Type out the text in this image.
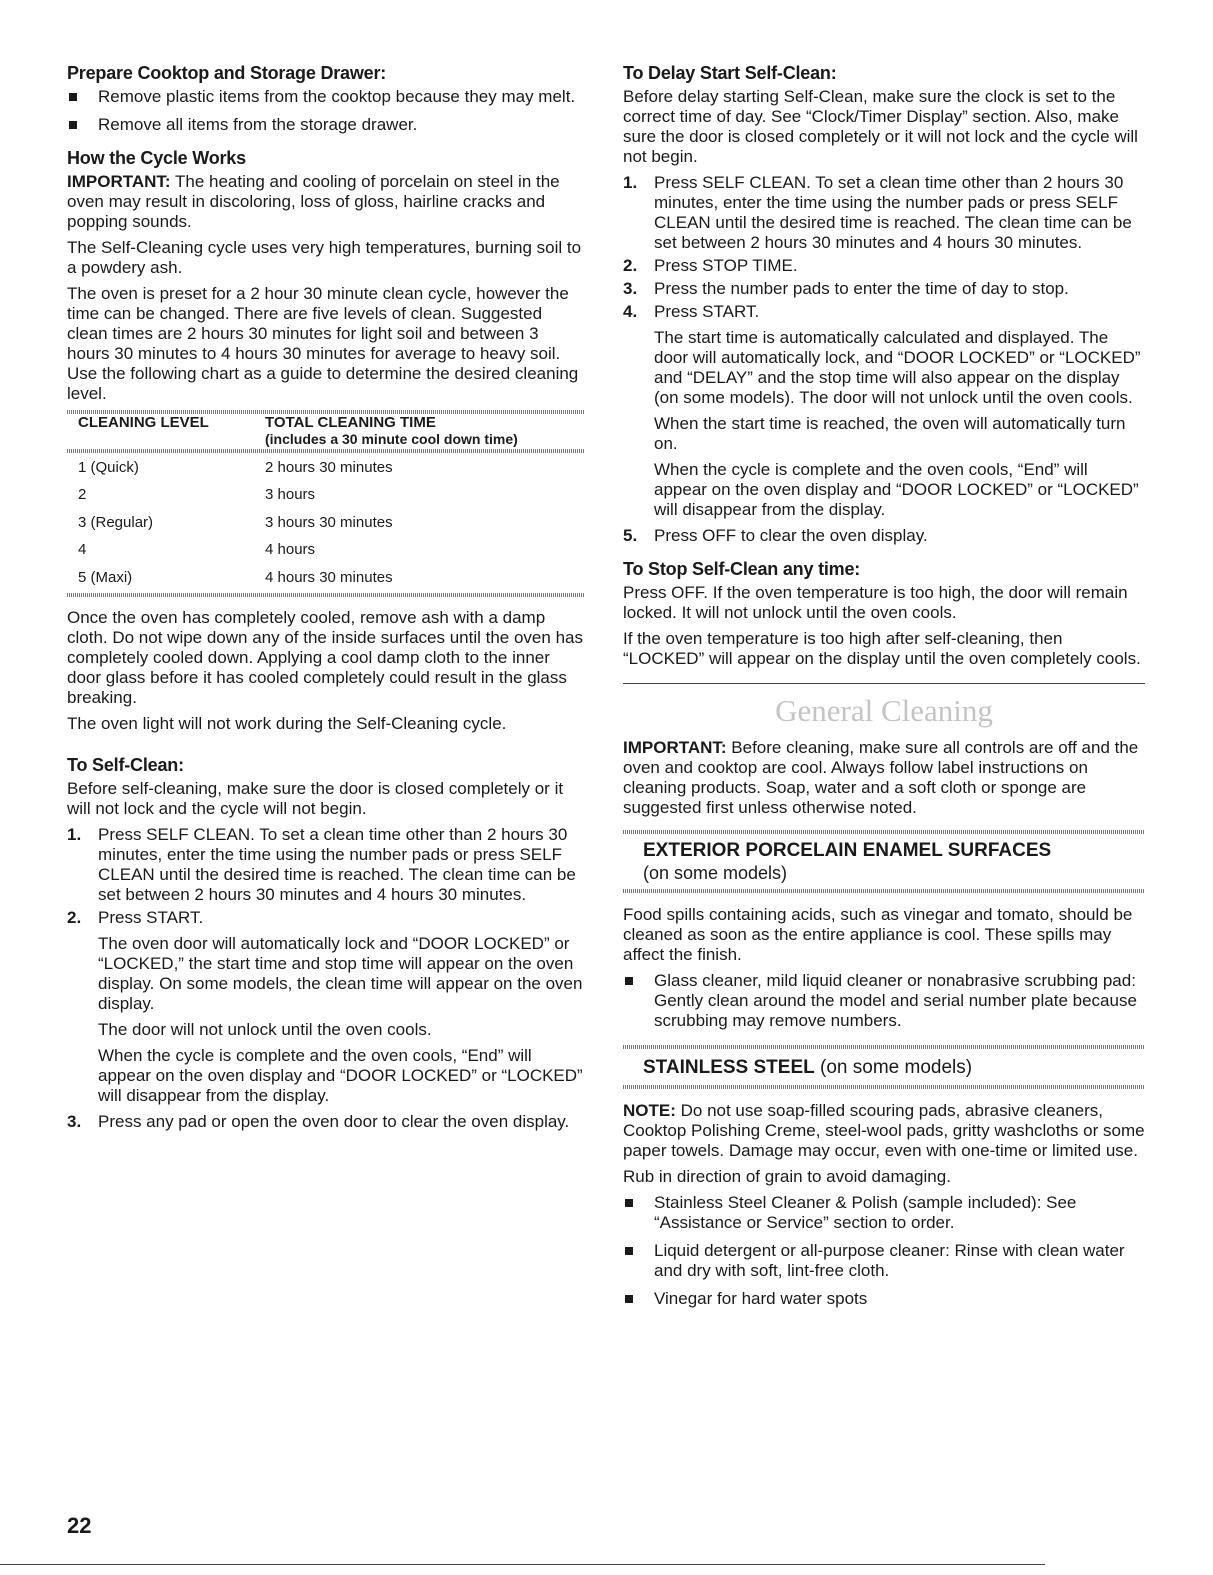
Prepare Cooktop and Storage Drawer:
Remove plastic items from the cooktop because they may melt.
Remove all items from the storage drawer.
How the Cycle Works

IMPORTANT: The heating and cooling of porcelain on steel in the oven may result in discoloring, loss of gloss, hairline cracks and popping sounds.

The Self-Cleaning cycle uses very high temperatures, burning soil to a powdery ash.

The oven is preset for a 2 hour 30 minute clean cycle, however the time can be changed. There are five levels of clean. Suggested clean times are 2 hours 30 minutes for light soil and between 3 hours 30 minutes to 4 hours 30 minutes for average to heavy soil. Use the following chart as a guide to determine the desired cleaning level.

CLEANING LEVEL	TOTAL CLEANING TIME
(includes a 30 minute cool down time)

1 (Quick)	2 hours 30 minutes
2	3 hours
3 (Regular)	3 hours 30 minutes
4	4 hours
5 (Maxi)	4 hours 30 minutes

Once the oven has completely cooled, remove ash with a damp cloth. Do not wipe down any of the inside surfaces until the oven has completely cooled down. Applying a cool damp cloth to the inner door glass before it has cooled completely could result in the glass breaking.

The oven light will not work during the Self-Cleaning cycle.

To Self-Clean:

Before self-cleaning, make sure the door is closed completely or it will not lock and the cycle will not begin.

1. Press SELF CLEAN. To set a clean time other than 2 hours 30 minutes, enter the time using the number pads or press SELF CLEAN until the desired time is reached. The clean time can be set between 2 hours 30 minutes and 4 hours 30 minutes.
2. Press START.

The oven door will automatically lock and “DOOR LOCKED” or “LOCKED,” the start time and stop time will appear on the oven display. On some models, the clean time will appear on the oven display.

The door will not unlock until the oven cools.

When the cycle is complete and the oven cools, “End” will appear on the oven display and “DOOR LOCKED” or “LOCKED” will disappear from the display.

3. Press any pad or open the oven door to clear the oven display.
To Delay Start Self-Clean:

Before delay starting Self-Clean, make sure the clock is set to the correct time of day. See “Clock/Timer Display” section. Also, make sure the door is closed completely or it will not lock and the cycle will not begin.

1. Press SELF CLEAN. To set a clean time other than 2 hours 30 minutes, enter the time using the number pads or press SELF CLEAN until the desired time is reached. The clean time can be set between 2 hours 30 minutes and 4 hours 30 minutes.
2. Press STOP TIME.
3. Press the number pads to enter the time of day to stop.
4. Press START.

The start time is automatically calculated and displayed. The door will automatically lock, and “DOOR LOCKED” or “LOCKED” and “DELAY” and the stop time will also appear on the display (on some models). The door will not unlock until the oven cools.

When the start time is reached, the oven will automatically turn on.

When the cycle is complete and the oven cools, “End” will appear on the oven display and “DOOR LOCKED” or “LOCKED” will disappear from the display.

5. Press OFF to clear the oven display.
To Stop Self-Clean any time:

Press OFF. If the oven temperature is too high, the door will remain locked. It will not unlock until the oven cools.

If the oven temperature is too high after self-cleaning, then “LOCKED” will appear on the display until the oven completely cools.

General Cleaning

IMPORTANT: Before cleaning, make sure all controls are off and the oven and cooktop are cool. Always follow label instructions on cleaning products. Soap, water and a soft cloth or sponge are suggested first unless otherwise noted.

EXTERIOR PORCELAIN ENAMEL SURFACES
(on some models)

Food spills containing acids, such as vinegar and tomato, should be cleaned as soon as the entire appliance is cool. These spills may affect the finish.

Glass cleaner, mild liquid cleaner or nonabrasive scrubbing pad: Gently clean around the model and serial number plate because scrubbing may remove numbers.
STAINLESS STEEL (on some models)

NOTE: Do not use soap-filled scouring pads, abrasive cleaners, Cooktop Polishing Creme, steel-wool pads, gritty washcloths or some paper towels. Damage may occur, even with one-time or limited use.

Rub in direction of grain to avoid damaging.

Stainless Steel Cleaner & Polish (sample included): See “Assistance or Service” section to order.
Liquid detergent or all-purpose cleaner: Rinse with clean water and dry with soft, lint-free cloth.
Vinegar for hard water spots
22
